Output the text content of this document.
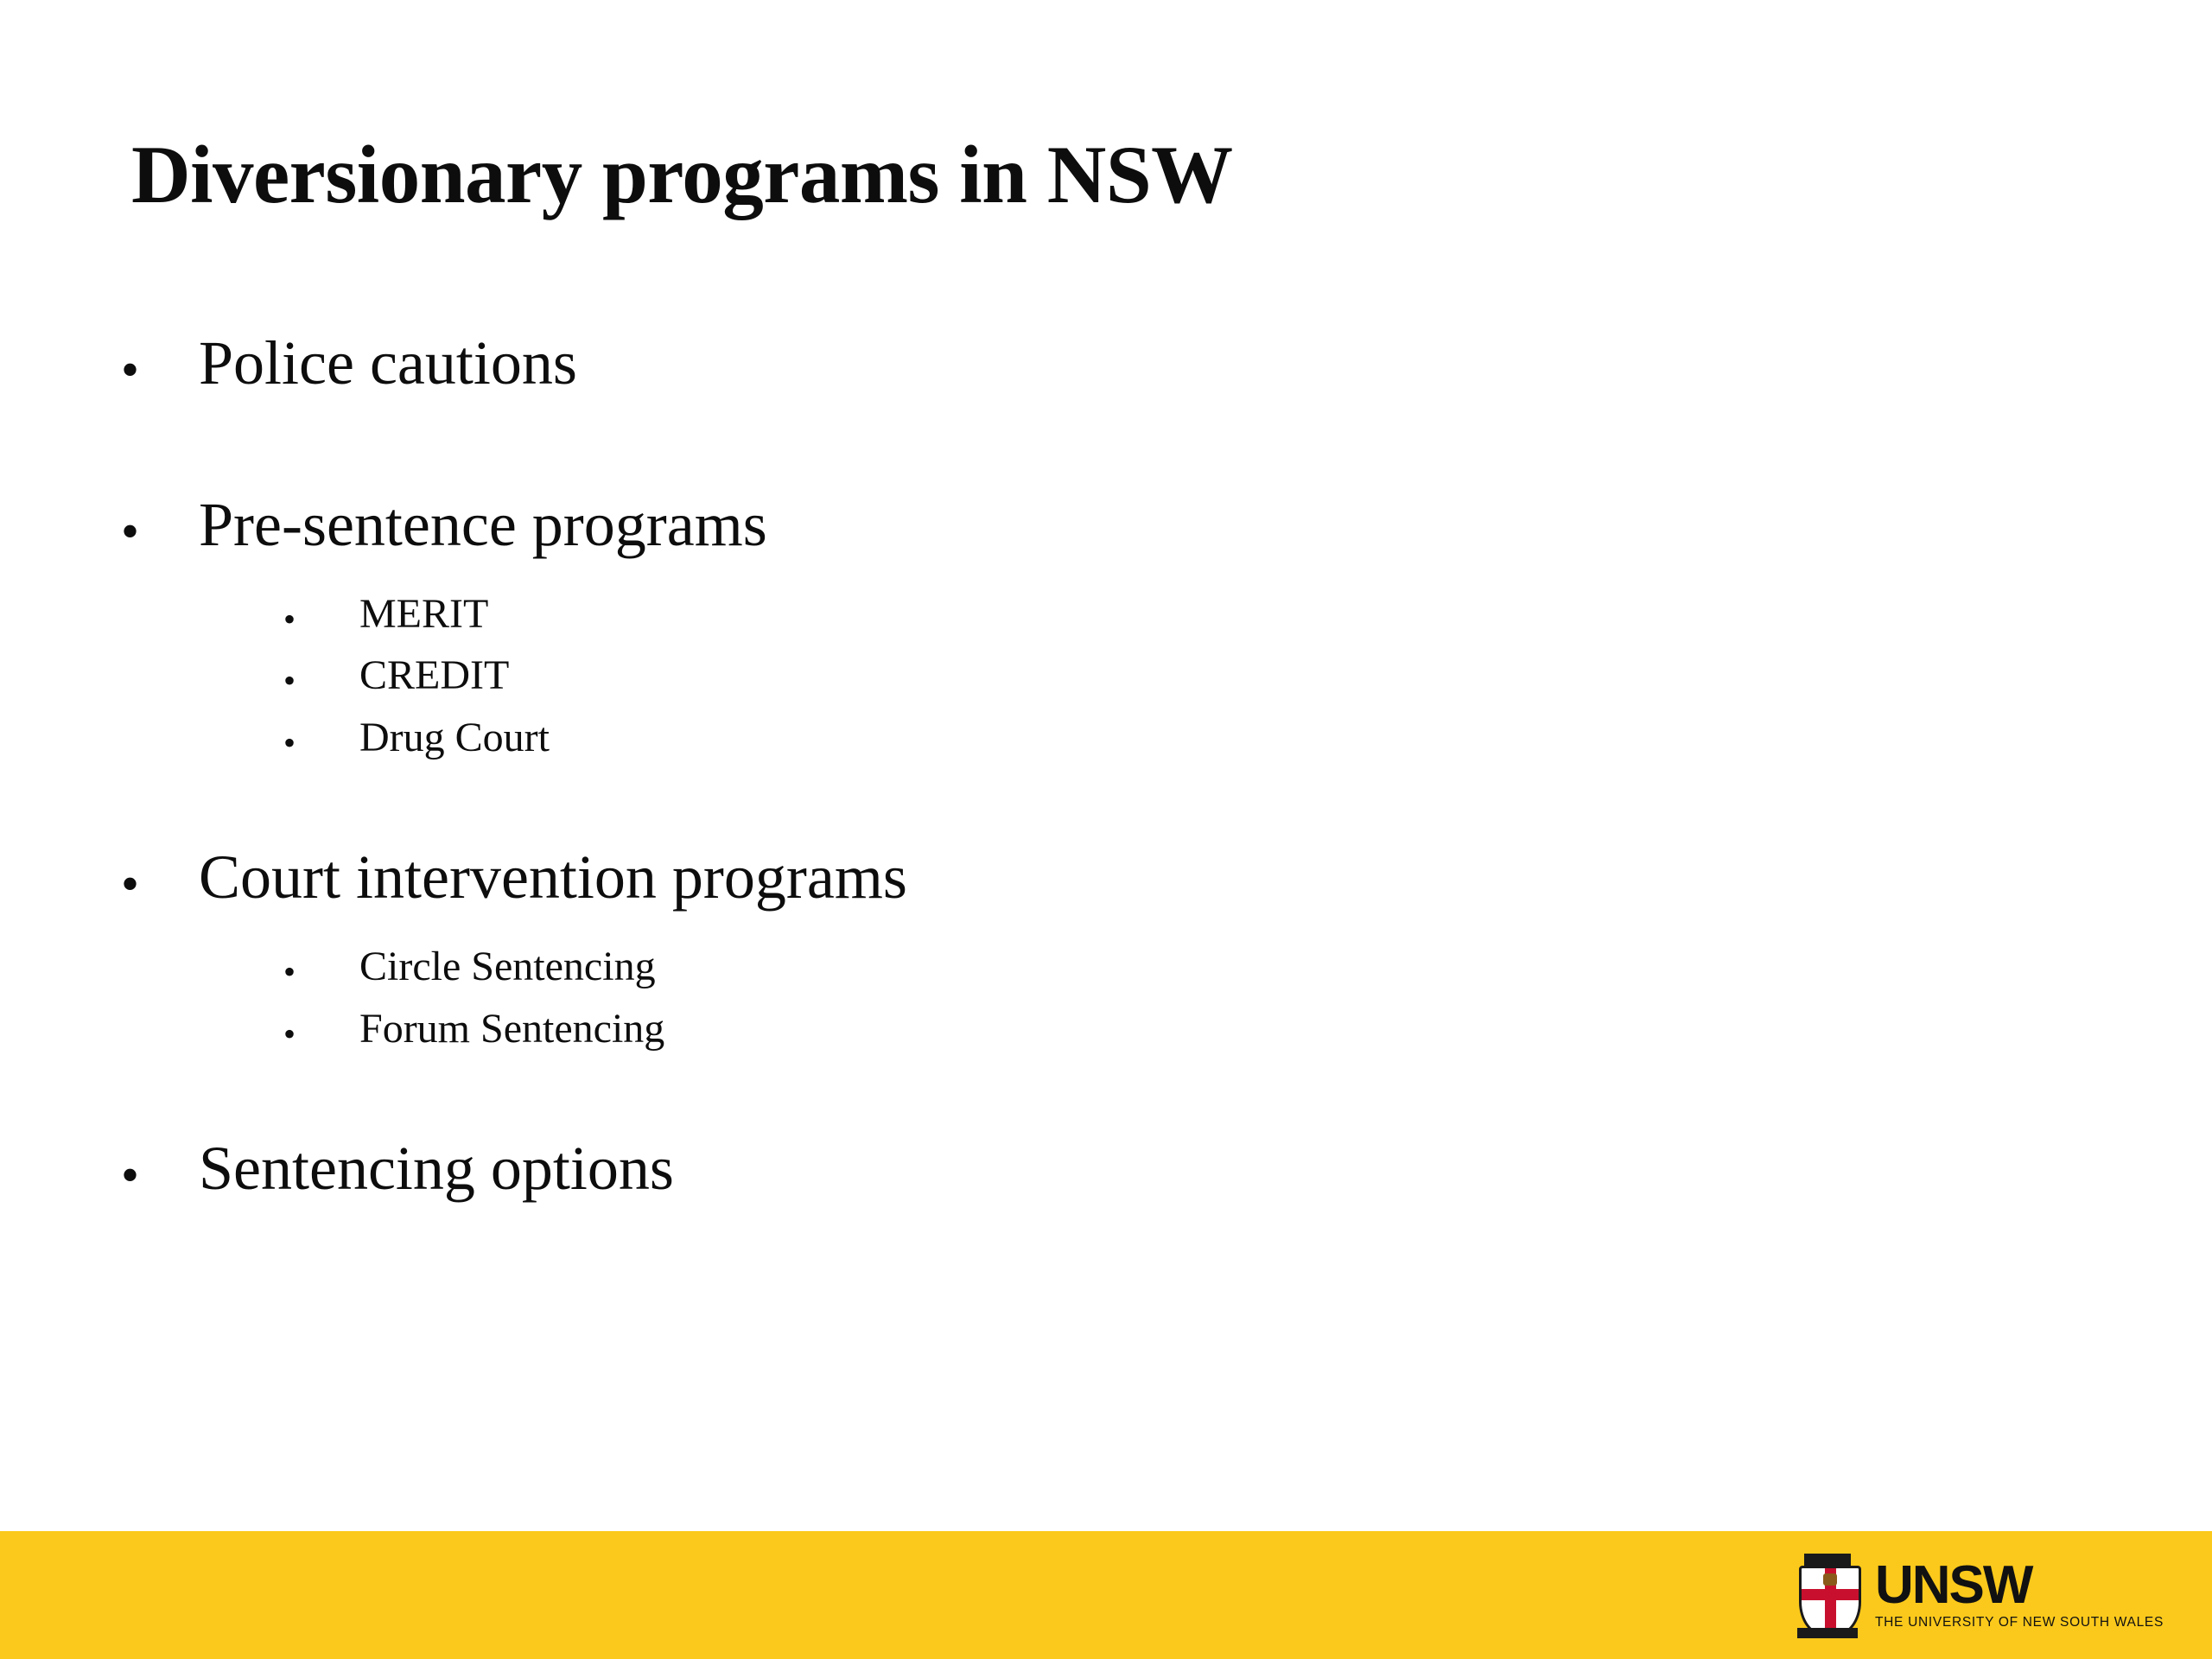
Diversionary programs in NSW
• Police cautions
• Pre-sentence programs
•	MERIT
•	CREDIT
•	Drug Court
• Court intervention programs
•	Circle Sentencing
•	Forum Sentencing
• Sentencing options
UNSW
THE UNIVERSITY OF NEW SOUTH WALES
